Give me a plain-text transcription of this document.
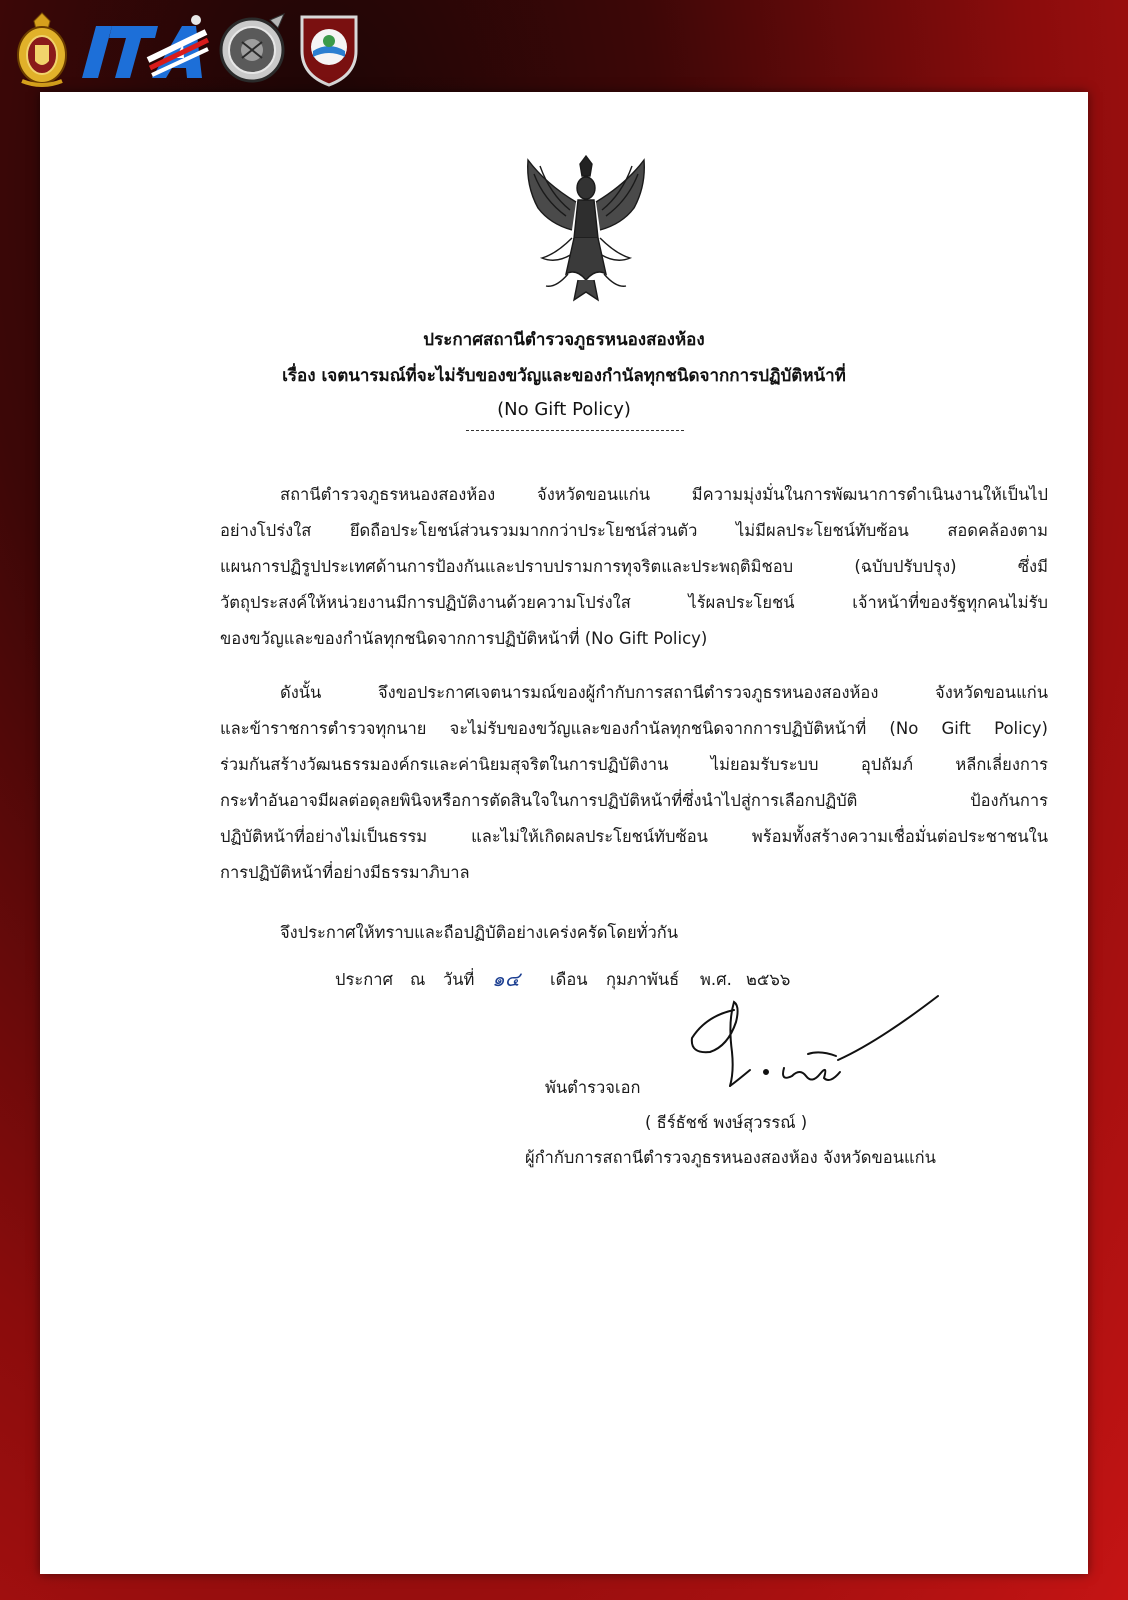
ประกาศสถานีตำรวจภูธรหนองสองห้อง
เรื่อง เจตนารมณ์ที่จะไม่รับของขวัญและของกำนัลทุกชนิดจากการปฏิบัติหน้าที่
(No Gift Policy)
สถานีตำรวจภูธรหนองสองห้อง จังหวัดขอนแก่น มีความมุ่งมั่นในการพัฒนาการดำเนินงานให้เป็นไป
อย่างโปร่งใส ยึดถือประโยชน์ส่วนรวมมากกว่าประโยชน์ส่วนตัว ไม่มีผลประโยชน์ทับซ้อน สอดคล้องตาม
แผนการปฏิรูปประเทศด้านการป้องกันและปราบปรามการทุจริตและประพฤติมิชอบ (ฉบับปรับปรุง) ซึ่งมี
วัตถุประสงค์ให้หน่วยงานมีการปฏิบัติงานด้วยความโปร่งใส ไร้ผลประโยชน์ เจ้าหน้าที่ของรัฐทุกคนไม่รับ
ของขวัญและของกำนัลทุกชนิดจากการปฏิบัติหน้าที่ (No Gift Policy)
ดังนั้น จึงขอประกาศเจตนารมณ์ของผู้กำกับการสถานีตำรวจภูธรหนองสองห้อง จังหวัดขอนแก่น
และข้าราชการตำรวจทุกนาย จะไม่รับของขวัญและของกำนัลทุกชนิดจากการปฏิบัติหน้าที่ (No Gift Policy)
ร่วมกันสร้างวัฒนธรรมองค์กรและค่านิยมสุจริตในการปฏิบัติงาน ไม่ยอมรับระบบ อุปถัมภ์ หลีกเลี่ยงการ
กระทำอันอาจมีผลต่อดุลยพินิจหรือการตัดสินใจในการปฏิบัติหน้าที่ซึ่งนำไปสู่การเลือกปฏิบัติ ป้องกันการ
ปฏิบัติหน้าที่อย่างไม่เป็นธรรม และไม่ให้เกิดผลประโยชน์ทับซ้อน พร้อมทั้งสร้างความเชื่อมั่นต่อประชาชนใน
การปฏิบัติหน้าที่อย่างมีธรรมาภิบาล
จึงประกาศให้ทราบและถือปฏิบัติอย่างเคร่งครัดโดยทั่วกัน
ประกาศ ณ วันที่ ๑๔ เดือน กุมภาพันธ์ พ.ศ. ๒๕๖๖
พันตำรวจเอก
( ธีร์ธัชช์ พงษ์สุวรรณ์ )
ผู้กำกับการสถานีตำรวจภูธรหนองสองห้อง จังหวัดขอนแก่น
